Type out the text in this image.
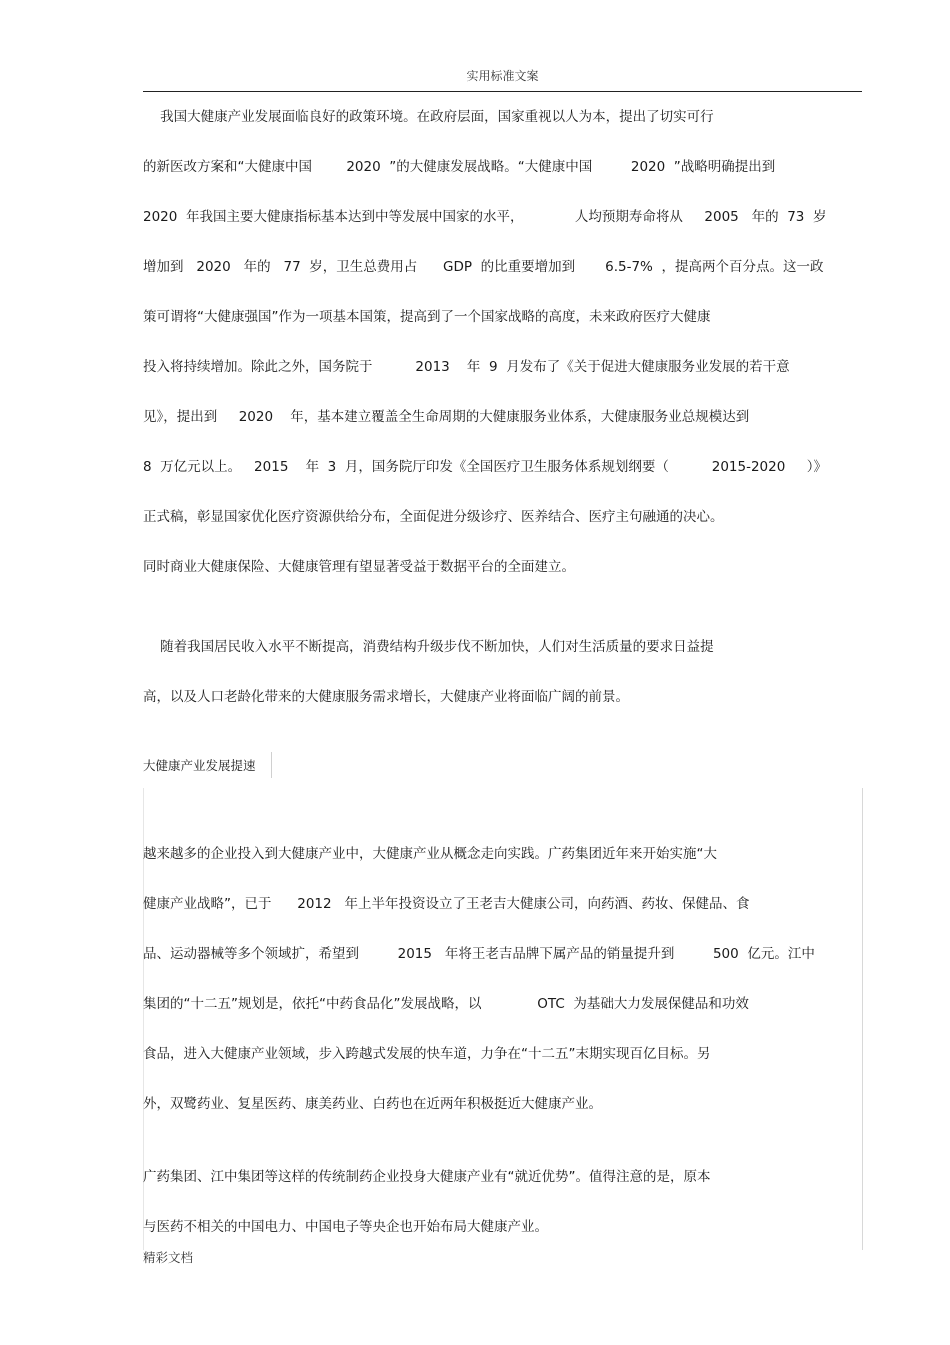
实用标准文案
我国大健康产业发展面临良好的政策环境。在政府层面，国家重视以人为本，提出了切实可行
的新医改方案和“大健康中国        2020  ”的大健康发展战略。“大健康中国         2020  ”战略明确提出到
2020  年我国主要大健康指标基本达到中等发展中国家的水平，            人均预期寿命将从     2005   年的  73  岁
增加到   2020   年的   77  岁，卫生总费用占      GDP  的比重要增加到       6.5-7%  ，提高两个百分点。这一政
策可谓将“大健康强国”作为一项基本国策，提高到了一个国家战略的高度，未来政府医疗大健康
投入将持续增加。除此之外，国务院于          2013    年  9  月发布了《关于促进大健康服务业发展的若干意
见》，提出到     2020    年，基本建立覆盖全生命周期的大健康服务业体系，大健康服务业总规模达到
8  万亿元以上。   2015    年  3  月，国务院厅印发《全国医疗卫生服务体系规划纲要（          2015-2020     ）》
正式稿，彰显国家优化医疗资源供给分布，全面促进分级诊疗、医养结合、医疗主句融通的决心。
同时商业大健康保险、大健康管理有望显著受益于数据平台的全面建立。
随着我国居民收入水平不断提高，消费结构升级步伐不断加快，人们对生活质量的要求日益提
高，以及人口老龄化带来的大健康服务需求增长，大健康产业将面临广阔的前景。
大健康产业发展提速
越来越多的企业投入到大健康产业中，大健康产业从概念走向实践。广药集团近年来开始实施“大
健康产业战略”，已于      2012   年上半年投资设立了王老吉大健康公司，向药酒、药妆、保健品、食
品、运动器械等多个领域扩，希望到         2015   年将王老吉品牌下属产品的销量提升到         500  亿元。江中
集团的“十二五”规划是，依托“中药食品化”发展战略，以             OTC  为基础大力发展保健品和功效
食品，进入大健康产业领域，步入跨越式发展的快车道，力争在“十二五”末期实现百亿目标。另
外，双鹭药业、复星医药、康美药业、白药也在近两年积极挺近大健康产业。
广药集团、江中集团等这样的传统制药企业投身大健康产业有“就近优势”。值得注意的是，原本
与医药不相关的中国电力、中国电子等央企也开始布局大健康产业。
精彩文档
